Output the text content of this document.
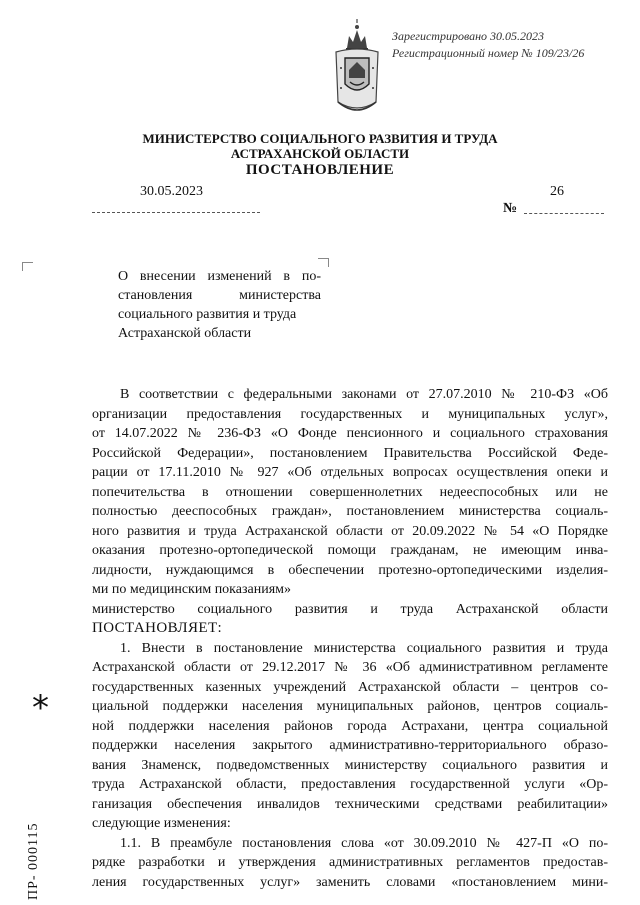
Зарегистрировано 30.05.2023
Регистрационный номер № 109/23/26
МИНИСТЕРСТВО СОЦИАЛЬНОГО РАЗВИТИЯ И ТРУДА
АСТРАХАНСКОЙ ОБЛАСТИ
ПОСТАНОВЛЕНИЕ
30.05.2023	26
№
О внесении изменений в по-
становления министерства
социального развития и труда
Астраханской области
В соответствии с федеральными законами от 27.07.2010 № 210-ФЗ «Об
организации предоставления государственных и муниципальных услуг»,
от 14.07.2022 № 236-ФЗ «О Фонде пенсионного и социального страхования
Российской Федерации», постановлением Правительства Российской Феде-
рации от 17.11.2010 № 927 «Об отдельных вопросах осуществления опеки и
попечительства в отношении совершеннолетних недееспособных или не
полностью дееспособных граждан», постановлением министерства социаль-
ного развития и труда Астраханской области от 20.09.2022 № 54 «О Порядке
оказания протезно-ортопедической помощи гражданам, не имеющим инва-
лидности, нуждающимся в обеспечении протезно-ортопедическими изделия-
ми по медицинским показаниям»
министерство социального развития и труда Астраханской области
ПОСТАНОВЛЯЕТ:
1. Внести в постановление министерства социального развития и труда
Астраханской области от 29.12.2017 № 36 «Об административном регламенте
государственных казенных учреждений Астраханской области – центров со-
циальной поддержки населения муниципальных районов, центров социаль-
ной поддержки населения районов города Астрахани, центра социальной
поддержки населения закрытого административно-территориального образо-
вания Знаменск, подведомственных министерству социального развития и
труда Астраханской области, предоставления государственной услуги «Ор-
ганизация обеспечения инвалидов техническими средствами реабилитации»
следующие изменения:
1.1. В преамбуле постановления слова «от 30.09.2010 № 427-П «О по-
рядке разработки и утверждения административных регламентов предостав-
ления государственных услуг» заменить словами «постановлением мини-
*
ПР- 000115
